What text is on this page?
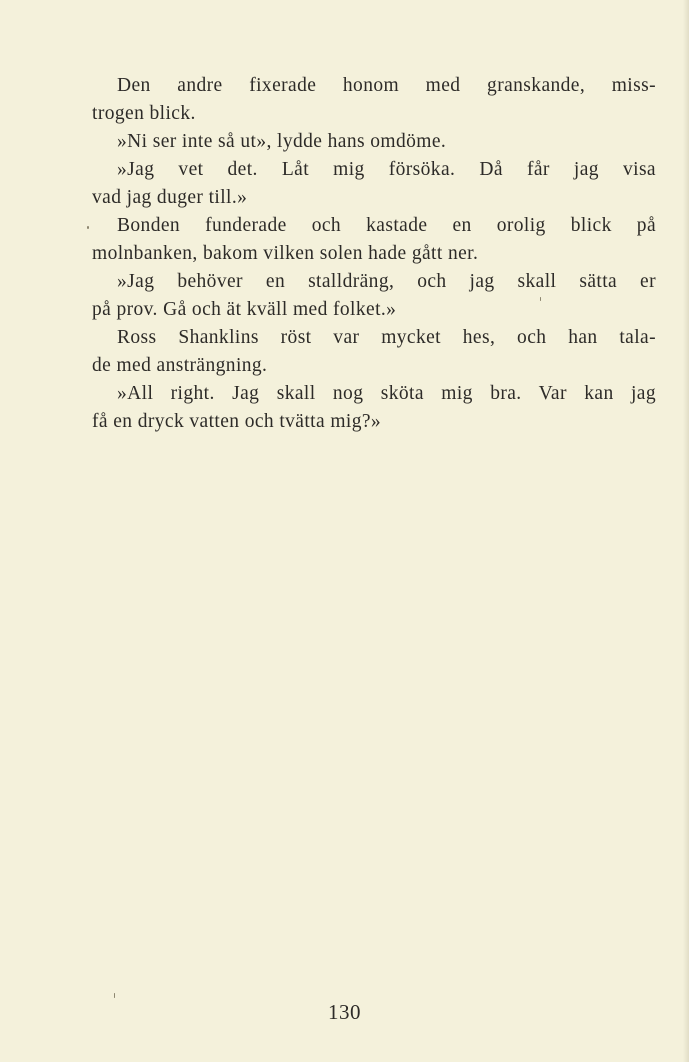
Den andre fixerade honom med granskande, miss-
trogen blick.
»Ni ser inte så ut», lydde hans omdöme.
»Jag vet det. Låt mig försöka. Då får jag visa
vad jag duger till.»
Bonden funderade och kastade en orolig blick på
molnbanken, bakom vilken solen hade gått ner.
»Jag behöver en stalldräng, och jag skall sätta er
på prov. Gå och ät kväll med folket.»
Ross Shanklins röst var mycket hes, och han tala-
de med ansträngning.
»All right. Jag skall nog sköta mig bra. Var kan jag
få en dryck vatten och tvätta mig?»
130
